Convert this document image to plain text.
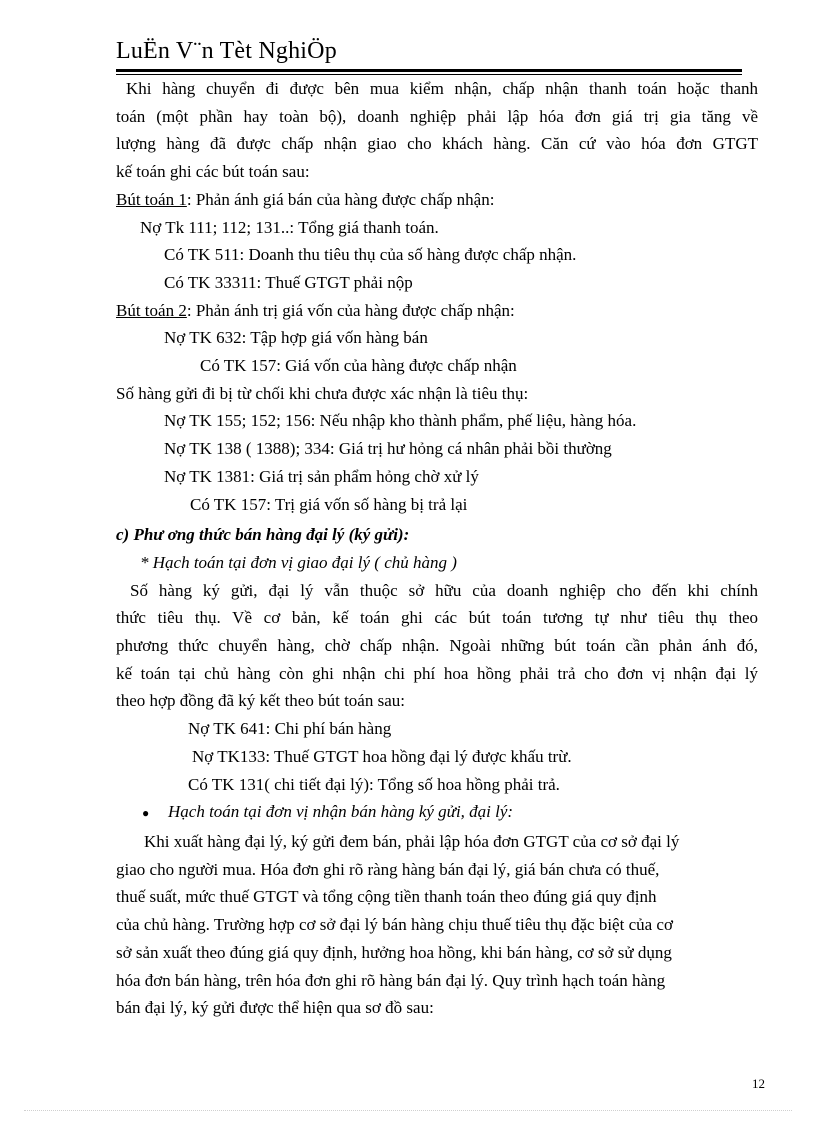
LuËn V¨n Tèt NghiÖp

Khi hàng chuyển đi được bên mua kiểm nhận, chấp nhận thanh toán hoặc thanh

toán (một phần hay toàn bộ), doanh nghiệp phải lập hóa đơn giá trị gia tăng về

lượng hàng đã được chấp nhận giao cho khách hàng. Căn cứ vào hóa đơn GTGT

kế toán ghi các bút toán sau:

Bút toán 1: Phản ánh giá bán của hàng được chấp nhận:

Nợ Tk 111; 112; 131..: Tổng giá thanh toán.

Có TK 511: Doanh thu tiêu thụ của số hàng được chấp nhận.

Có TK 33311: Thuế GTGT phải nộp

Bút toán 2: Phản ánh trị giá vốn của hàng được chấp nhận:

Nợ TK 632: Tập hợp giá vốn hàng bán

Có TK 157: Giá vốn của hàng được chấp nhận

Số hàng gửi đi bị từ chối khi chưa được xác nhận là tiêu thụ:

Nợ TK 155; 152; 156: Nếu nhập kho thành phẩm, phế liệu, hàng hóa.

Nợ TK 138 ( 1388); 334: Giá trị hư hỏng cá nhân phải bồi thường

Nợ TK 1381: Giá trị sản phẩm hỏng chờ xử lý

Có TK 157: Trị giá vốn số hàng bị trả lại

c) Phư ơng thức bán hàng đại lý (ký gửi):

* Hạch toán tại đơn vị giao đại lý ( chủ hàng )

Số hàng ký gửi, đại lý vẫn thuộc sở hữu của doanh nghiệp cho đến khi chính

thức tiêu thụ. Về cơ bản, kế toán ghi các bút toán tương tự như tiêu thụ theo

phương thức chuyển hàng, chờ chấp nhận. Ngoài những bút toán cần phản ánh đó,

kế toán tại chủ hàng còn ghi nhận chi phí hoa hồng phải trả cho đơn vị nhận đại lý

theo hợp đồng đã ký kết theo bút toán sau:

Nợ TK 641: Chi phí bán hàng

Nợ TK133: Thuế GTGT hoa hồng đại lý được khấu trừ.

Có TK 131( chi tiết đại lý): Tổng số hoa hồng phải trả.

●	Hạch toán tại đơn vị nhận bán hàng ký gửi, đại lý:

Khi xuất hàng đại lý, ký gửi đem bán, phải lập hóa đơn GTGT của cơ sở đại lý

giao cho người mua. Hóa đơn ghi rõ ràng hàng bán đại lý, giá bán chưa có thuế,

thuế suất, mức thuế GTGT và tổng cộng tiền thanh toán theo đúng giá quy định

của chủ hàng. Trường hợp cơ sở đại lý bán hàng chịu thuế tiêu thụ đặc biệt của cơ

sở sản xuất theo đúng giá quy định, hưởng hoa hồng, khi bán hàng, cơ sở sử dụng

hóa đơn bán hàng, trên hóa đơn ghi rõ hàng bán đại lý. Quy trình hạch toán hàng

bán đại lý, ký gửi được thể hiện qua sơ đồ sau:

12
